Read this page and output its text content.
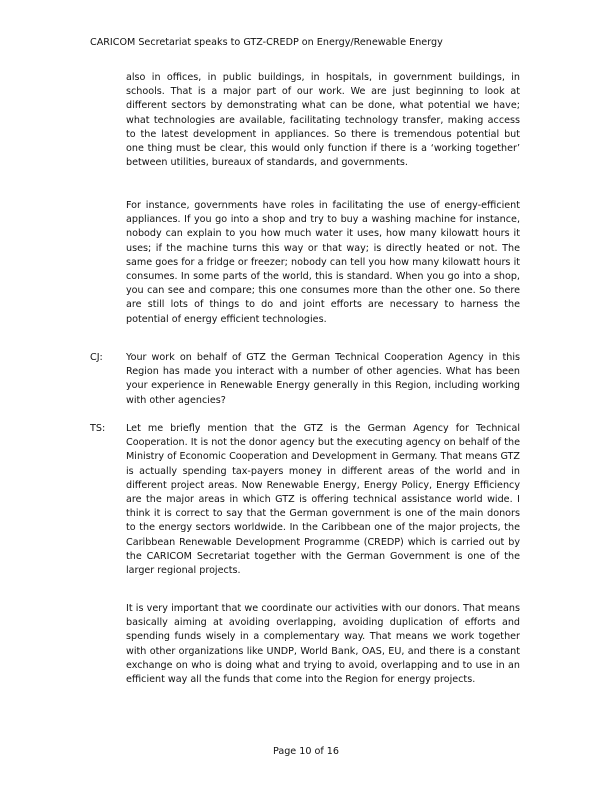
CARICOM Secretariat speaks to GTZ-CREDP on Energy/Renewable Energy
also in offices, in public buildings, in hospitals, in government buildings, in schools. That is a major part of our work. We are just beginning to look at different sectors by demonstrating what can be done, what potential we have; what technologies are available, facilitating technology transfer, making access to the latest development in appliances. So there is tremendous potential but one thing must be clear, this would only function if there is a ‘working together’ between utilities, bureaux of standards, and governments.
For instance, governments have roles in facilitating the use of energy-efficient appliances. If you go into a shop and try to buy a washing machine for instance, nobody can explain to you how much water it uses, how many kilowatt hours it uses; if the machine turns this way or that way; is directly heated or not. The same goes for a fridge or freezer; nobody can tell you how many kilowatt hours it consumes. In some parts of the world, this is standard. When you go into a shop, you can see and compare; this one consumes more than the other one. So there are still lots of things to do and joint efforts are necessary to harness the potential of energy efficient technologies.
CJ: Your work on behalf of GTZ the German Technical Cooperation Agency in this Region has made you interact with a number of other agencies. What has been your experience in Renewable Energy generally in this Region, including working with other agencies?
TS: Let me briefly mention that the GTZ is the German Agency for Technical Cooperation. It is not the donor agency but the executing agency on behalf of the Ministry of Economic Cooperation and Development in Germany. That means GTZ is actually spending tax-payers money in different areas of the world and in different project areas. Now Renewable Energy, Energy Policy, Energy Efficiency are the major areas in which GTZ is offering technical assistance world wide. I think it is correct to say that the German government is one of the main donors to the energy sectors worldwide. In the Caribbean one of the major projects, the Caribbean Renewable Development Programme (CREDP) which is carried out by the CARICOM Secretariat together with the German Government is one of the larger regional projects.
It is very important that we coordinate our activities with our donors. That means basically aiming at avoiding overlapping, avoiding duplication of efforts and spending funds wisely in a complementary way. That means we work together with other organizations like UNDP, World Bank, OAS, EU, and there is a constant exchange on who is doing what and trying to avoid, overlapping and to use in an efficient way all the funds that come into the Region for energy projects.
Page 10 of 16
